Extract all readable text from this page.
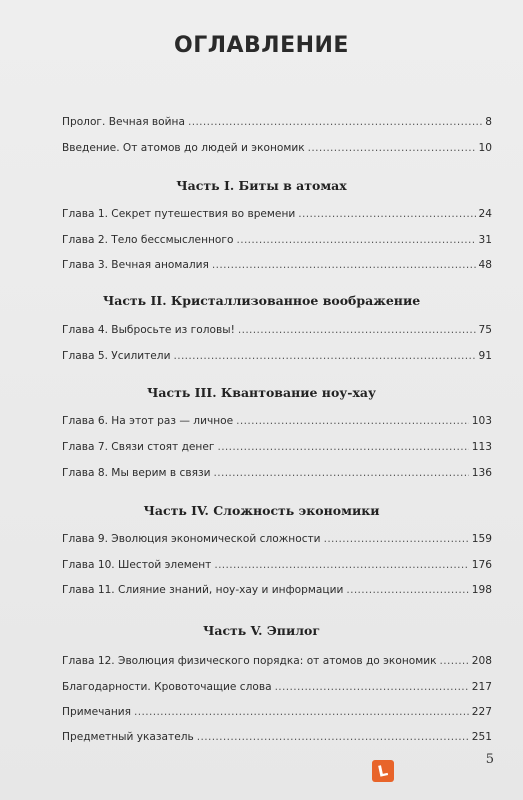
ОГЛАВЛЕНИЕ
Пролог. Вечная война . . .	8
Введение. От атомов до людей и экономик . . .	10
Глава 1. Секрет путешествия во времени . . .	24
Глава 2. Тело бессмысленного . . .	31
Глава 3. Вечная аномалия . . .	48
Глава 4. Выбросьте из головы! . . .	75
Глава 5. Усилители . . .	91
Глава 6. На этот раз — личное . . .	103
Глава 7. Связи стоят денег . . .	113
Глава 8. Мы верим в связи . . .	136
Глава 9. Эволюция экономической сложности . . .	159
Глава 10. Шестой элемент . . .	176
Глава 11. Слияние знаний, ноу-хау и информации . . .	198
Глава 12. Эволюция физического порядка: от атомов до экономик . . .	208
Благодарности. Кровоточащие слова . . .	217
Примечания . . .	227
Предметный указатель . . .	251
Часть I. Биты в атомах
Часть II. Кристаллизованное воображение
Часть III. Квантование ноу-хау
Часть IV. Сложность экономики
Часть V. Эпилог
5
L
